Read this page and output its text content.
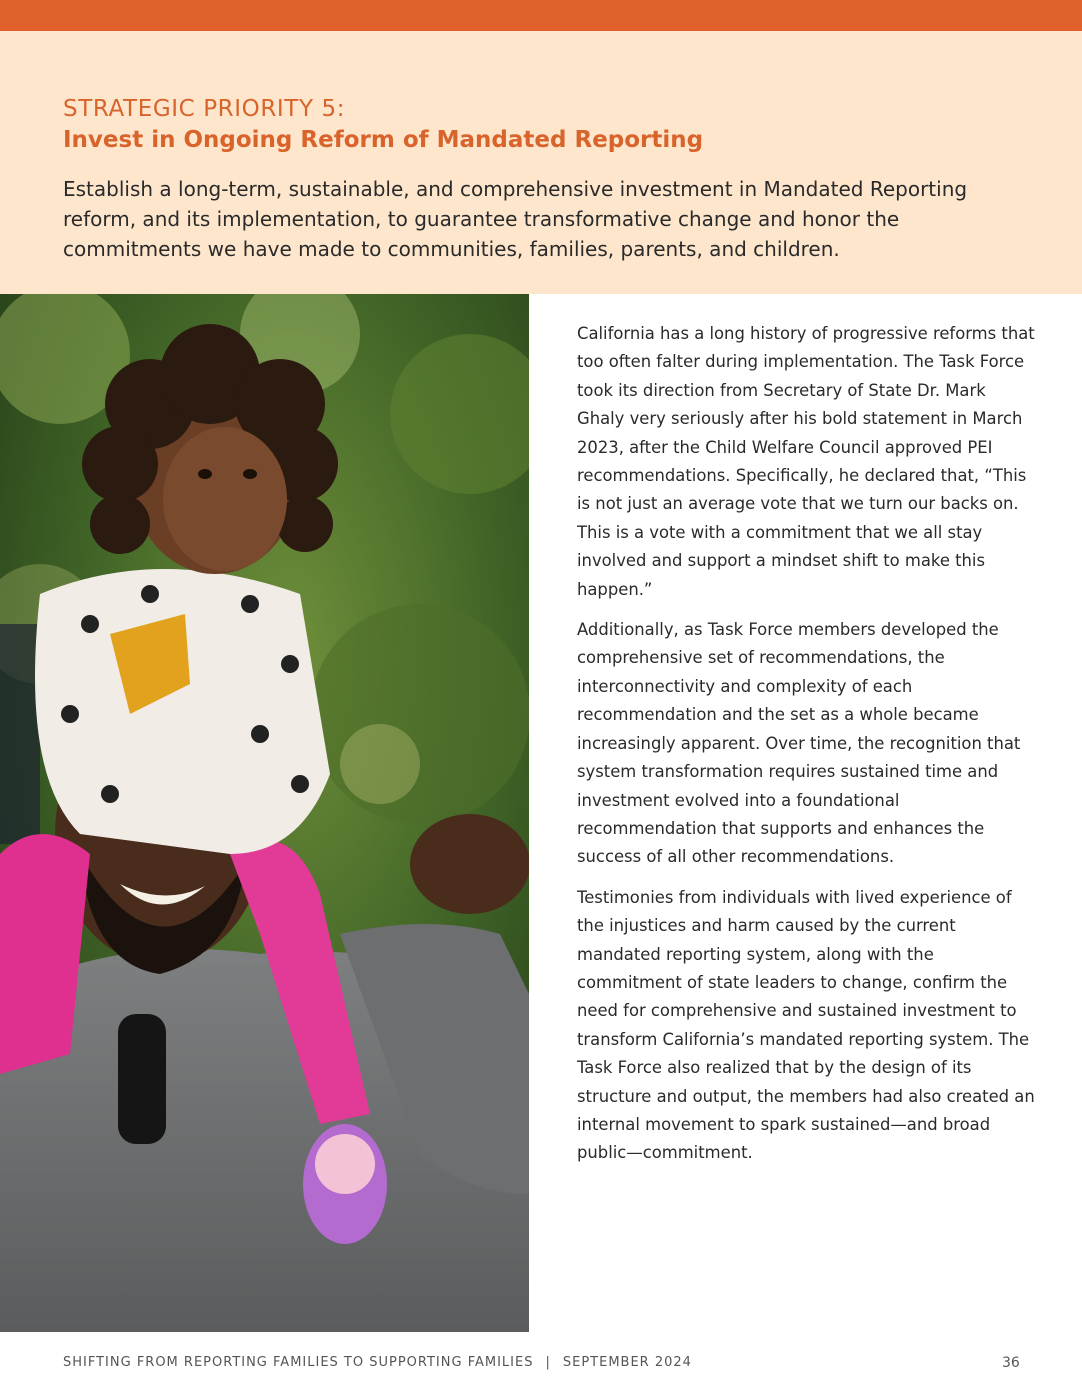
STRATEGIC PRIORITY 5:
Invest in Ongoing Reform of Mandated Reporting

Establish a long-term, sustainable, and comprehensive investment in Mandated Reporting reform, and its implementation, to guarantee transformative change and honor the commitments we have made to communities, families, parents, and children.

California has a long history of progressive reforms that too often falter during implementation. The Task Force took its direction from Secretary of State Dr. Mark Ghaly very seriously after his bold statement in March 2023, after the Child Welfare Council approved PEI recommendations. Specifically, he declared that, “This is not just an average vote that we turn our backs on. This is a vote with a commitment that we all stay involved and support a mindset shift to make this happen.”

Additionally, as Task Force members developed the comprehensive set of recommendations, the interconnectivity and complexity of each recommendation and the set as a whole became increasingly apparent. Over time, the recognition that system transformation requires sustained time and investment evolved into a foundational recommendation that supports and enhances the success of all other recommendations.

Testimonies from individuals with lived experience of the injustices and harm caused by the current mandated reporting system, along with the commitment of state leaders to change, confirm the need for comprehensive and sustained investment to transform California’s mandated reporting system. The Task Force also realized that by the design of its structure and output, the members had also created an internal movement to spark sustained—and broad public—commitment.

SHIFTING FROM REPORTING FAMILIES TO SUPPORTING FAMILIES | SEPTEMBER 2024	36
